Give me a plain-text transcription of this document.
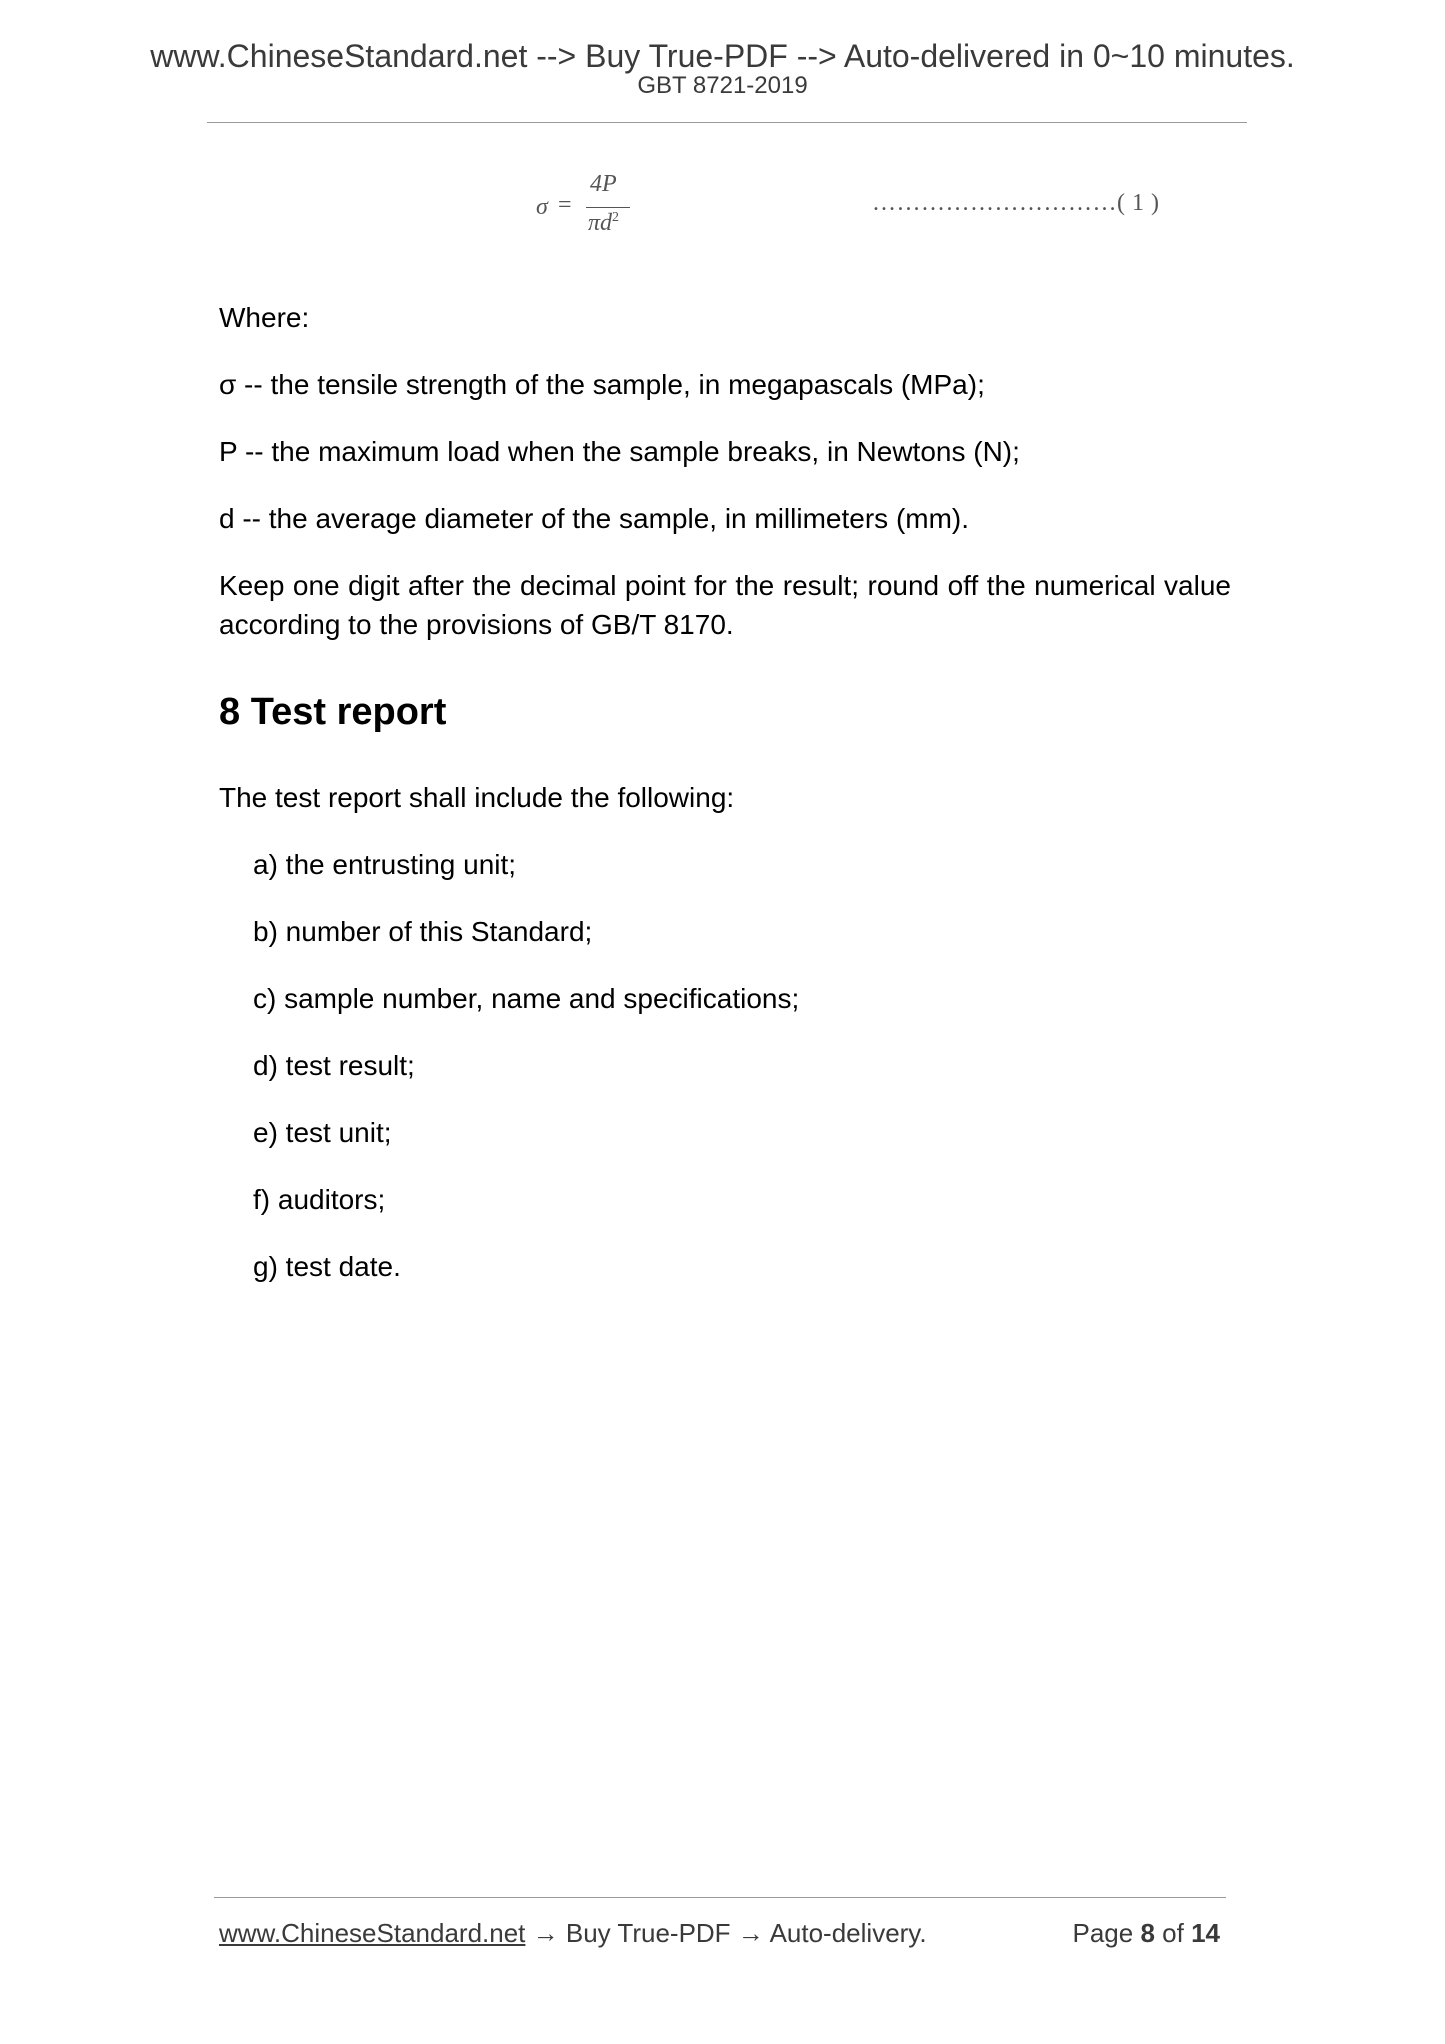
www.ChineseStandard.net --> Buy True-PDF --> Auto-delivered in 0~10 minutes.
GBT 8721-2019
σ =
4P
$\pi d^2$
…………………………( 1 )
Where:
σ -- the tensile strength of the sample, in megapascals (MPa);
P -- the maximum load when the sample breaks, in Newtons (N);
d -- the average diameter of the sample, in millimeters (mm).
Keep one digit after the decimal point for the result; round off the numerical value according to the provisions of GB/T 8170.
8 Test report
The test report shall include the following:
a) the entrusting unit;
b) number of this Standard;
c) sample number, name and specifications;
d) test result;
e) test unit;
f) auditors;
g) test date.
www.ChineseStandard.net → Buy True-PDF → Auto-delivery.	Page 8 of 14
